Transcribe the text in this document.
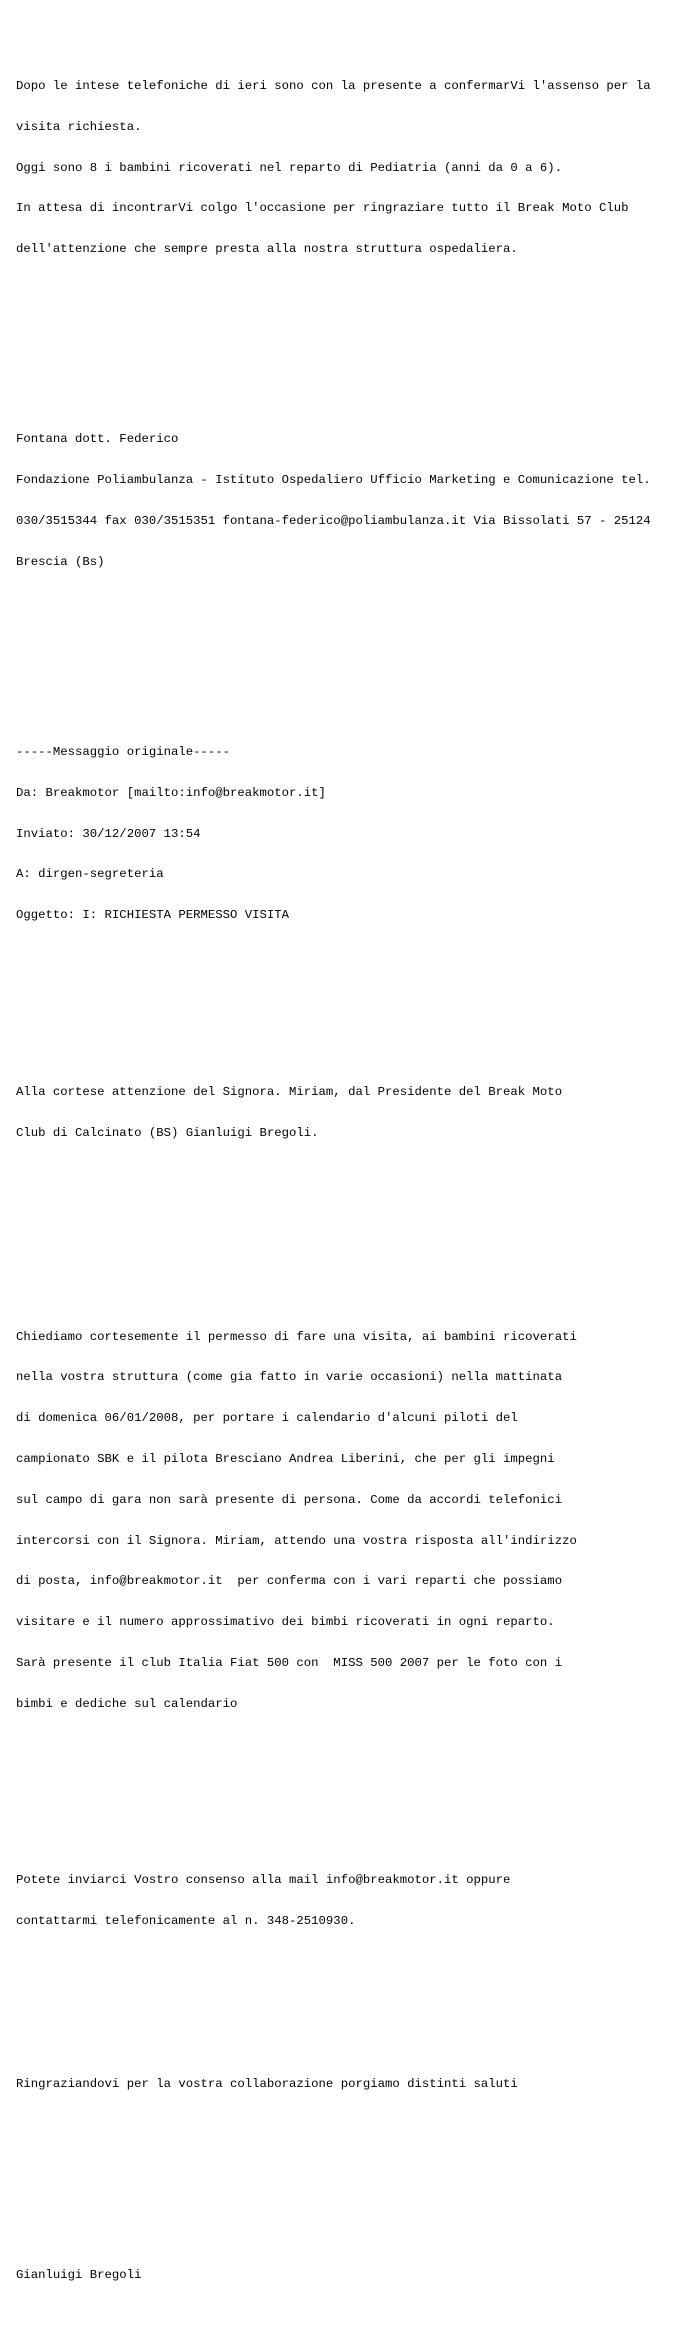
Dopo le intese telefoniche di ieri sono con la presente a confermarVi l'assenso per la

visita richiesta.

Oggi sono 8 i bambini ricoverati nel reparto di Pediatria (anni da 0 a 6).

In attesa di incontrarVi colgo l'occasione per ringraziare tutto il Break Moto Club

dell'attenzione che sempre presta alla nostra struttura ospedaliera.

Fontana dott. Federico

Fondazione Poliambulanza - Istituto Ospedaliero Ufficio Marketing e Comunicazione tel.

030/3515344 fax 030/3515351 fontana-federico@poliambulanza.it Via Bissolati 57 - 25124

Brescia (Bs)

-----Messaggio originale-----

Da: Breakmotor [mailto:info@breakmotor.it]

Inviato: 30/12/2007 13:54

A: dirgen-segreteria

Oggetto: I: RICHIESTA PERMESSO VISITA

Alla cortese attenzione del Signora. Miriam, dal Presidente del Break Moto

Club di Calcinato (BS) Gianluigi Bregoli.

Chiediamo cortesemente il permesso di fare una visita, ai bambini ricoverati

nella vostra struttura (come gia fatto in varie occasioni) nella mattinata

di domenica 06/01/2008, per portare i calendario d'alcuni piloti del

campionato SBK e il pilota Bresciano Andrea Liberini, che per gli impegni

sul campo di gara non sarà presente di persona. Come da accordi telefonici

intercorsi con il Signora. Miriam, attendo una vostra risposta all'indirizzo

di posta, info@breakmotor.it  per conferma con i vari reparti che possiamo

visitare e il numero approssimativo dei bimbi ricoverati in ogni reparto.

Sarà presente il club Italia Fiat 500 con  MISS 500 2007 per le foto con i

bimbi e dediche sul calendario

Potete inviarci Vostro consenso alla mail info@breakmotor.it oppure

contattarmi telefonicamente al n. 348-2510930.

Ringraziandovi per la vostra collaborazione porgiamo distinti saluti

Gianluigi Bregoli
